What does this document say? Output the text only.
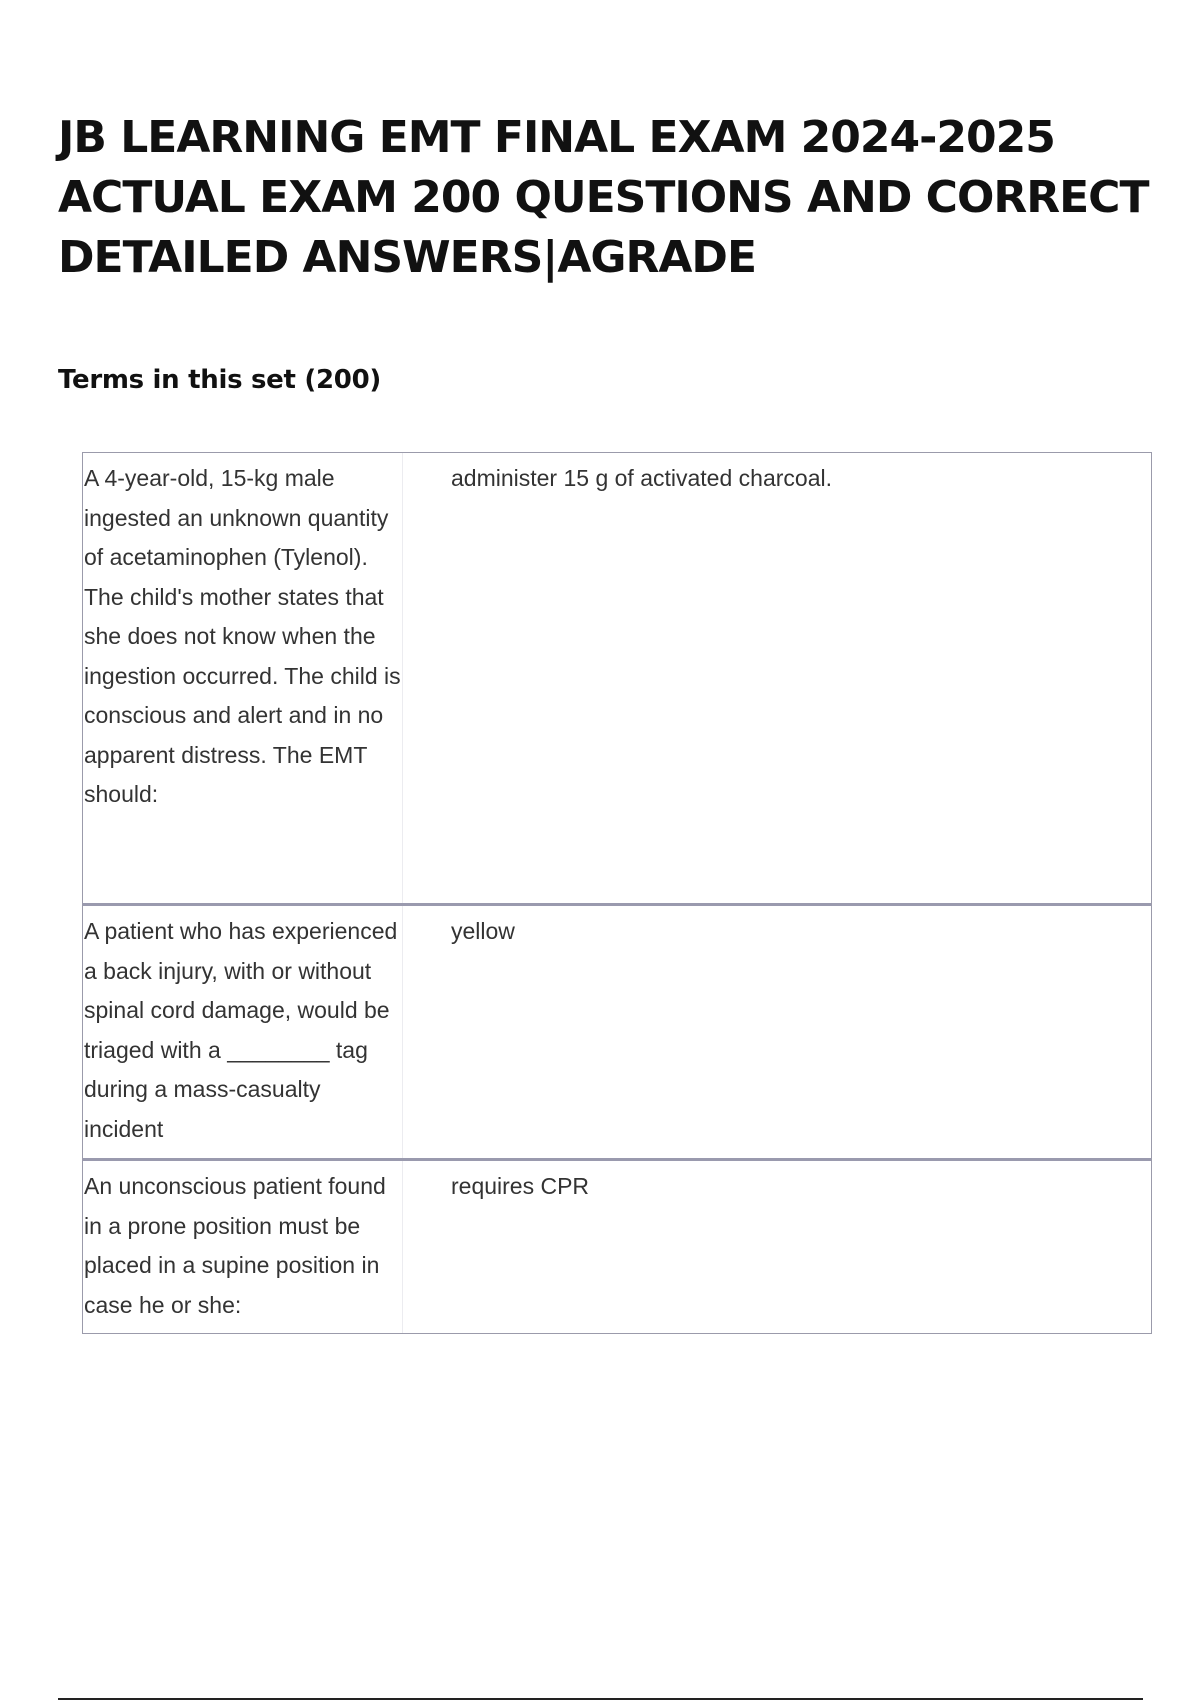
JB LEARNING EMT FINAL EXAM 2024-2025 ACTUAL EXAM 200 QUESTIONS AND CORRECT DETAILED ANSWERS|AGRADE
Terms in this set (200)
A 4-year-old, 15-kg male ingested an unknown quantity of acetaminophen (Tylenol). The child's mother states that she does not know when the ingestion occurred. The child is conscious and alert and in no apparent distress. The EMT should:
administer 15 g of activated charcoal.
A patient who has experienced a back injury, with or without spinal cord damage, would be triaged with a ________ tag during a mass-casualty incident
yellow
An unconscious patient found in a prone position must be placed in a supine position in case he or she:
requires CPR
